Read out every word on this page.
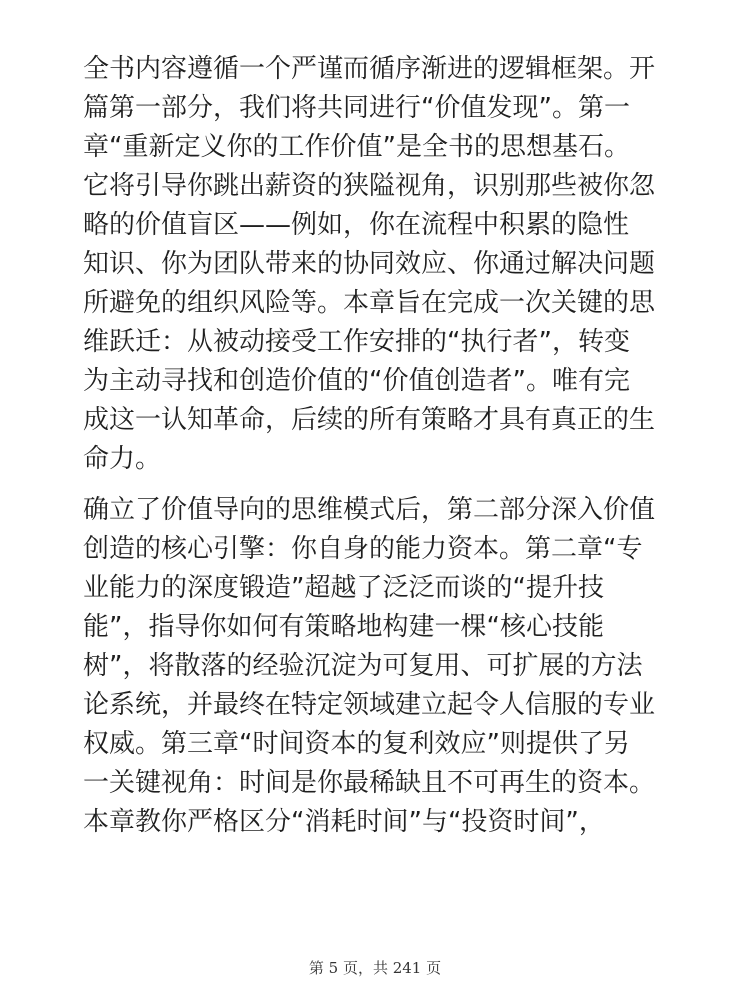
全书内容遵循一个严谨而循序渐进的逻辑框架。开
篇第一部分，我们将共同进行“价值发现”。第一
章“重新定义你的工作价值”是全书的思想基石。
它将引导你跳出薪资的狭隘视角，识别那些被你忽
略的价值盲区——例如，你在流程中积累的隐性
知识、你为团队带来的协同效应、你通过解决问题
所避免的组织风险等。本章旨在完成一次关键的思
维跃迁：从被动接受工作安排的“执行者”，转变
为主动寻找和创造价值的“价值创造者”。唯有完
成这一认知革命，后续的所有策略才具有真正的生
命力。

确立了价值导向的思维模式后，第二部分深入价值
创造的核心引擎：你自身的能力资本。第二章“专
业能力的深度锻造”超越了泛泛而谈的“提升技
能”，指导你如何有策略地构建一棵“核心技能
树”，将散落的经验沉淀为可复用、可扩展的方法
论系统，并最终在特定领域建立起令人信服的专业
权威。第三章“时间资本的复利效应”则提供了另
一关键视角：时间是你最稀缺且不可再生的资本。
本章教你严格区分“消耗时间”与“投资时间”，

第 5 页，共 241 页
